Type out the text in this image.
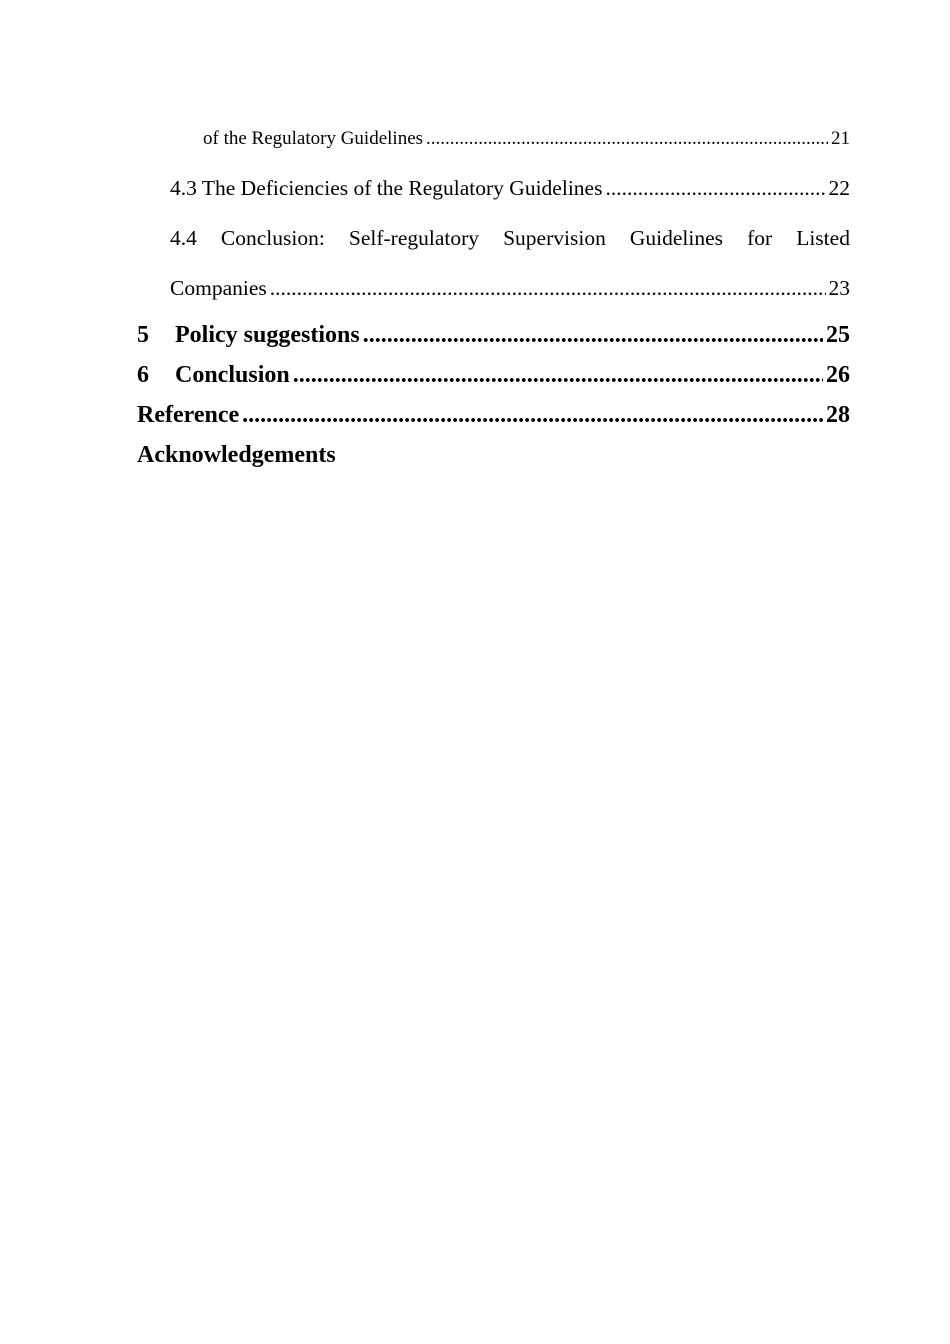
of the Regulatory Guidelines .....	21
4.3 The Deficiencies of the Regulatory Guidelines .....	22
4.4 Conclusion: Self-regulatory Supervision Guidelines for Listed
Companies .....	23
5 Policy suggestions .....	25
6 Conclusion .....	26
Reference .....	28
Acknowledgements
